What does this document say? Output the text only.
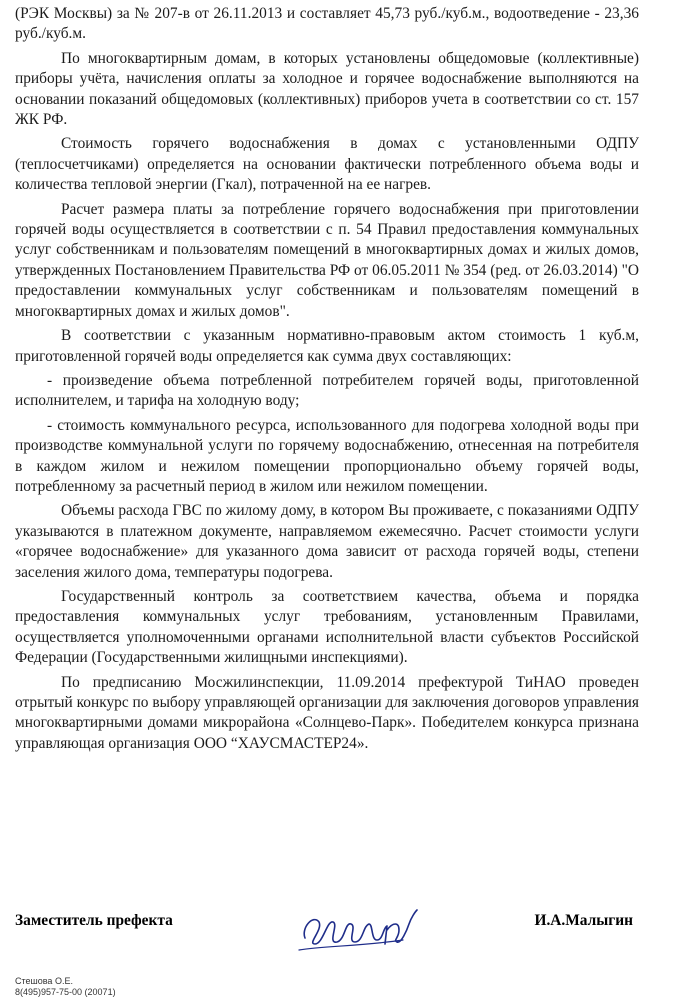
(РЭК Москвы) за № 207-в от 26.11.2013 и составляет 45,73 руб./куб.м., водоотведение - 23,36 руб./куб.м.

По многоквартирным домам, в которых установлены общедомовые (коллективные) приборы учёта, начисления оплаты за холодное и горячее водоснабжение выполняются на основании показаний общедомовых (коллективных) приборов учета в соответствии со ст. 157 ЖК РФ.

Стоимость горячего водоснабжения в домах с установленными ОДПУ (теплосчетчиками) определяется на основании фактически потребленного объема воды и количества тепловой энергии (Гкал), потраченной на ее нагрев.

Расчет размера платы за потребление горячего водоснабжения при приготовлении горячей воды осуществляется в соответствии с п. 54 Правил предоставления коммунальных услуг собственникам и пользователям помещений в многоквартирных домах и жилых домов, утвержденных Постановлением Правительства РФ от 06.05.2011 № 354 (ред. от 26.03.2014) "О предоставлении коммунальных услуг собственникам и пользователям помещений в многоквартирных домах и жилых домов".

В соответствии с указанным нормативно-правовым актом стоимость 1 куб.м, приготовленной горячей воды определяется как сумма двух составляющих:

- произведение объема потребленной потребителем горячей воды, приготовленной исполнителем, и тарифа на холодную воду;

- стоимость коммунального ресурса, использованного для подогрева холодной воды при производстве коммунальной услуги по горячему водоснабжению, отнесенная на потребителя в каждом жилом и нежилом помещении пропорционально объему горячей воды, потребленному за расчетный период в жилом или нежилом помещении.

Объемы расхода ГВС по жилому дому, в котором Вы проживаете, с показаниями ОДПУ указываются в платежном документе, направляемом ежемесячно. Расчет стоимости услуги «горячее водоснабжение» для указанного дома зависит от расхода горячей воды, степени заселения жилого дома, температуры подогрева.

Государственный контроль за соответствием качества, объема и порядка предоставления коммунальных услуг требованиям, установленным Правилами, осуществляется уполномоченными органами исполнительной власти субъектов Российской Федерации (Государственными жилищными инспекциями).

По предписанию Мосжилинспекции, 11.09.2014 префектурой ТиНАО проведен отрытый конкурс по выбору управляющей организации для заключения договоров управления многоквартирными домами микрорайона «Солнцево-Парк». Победителем конкурса признана управляющая организация ООО “ХАУСМАСТЕР24».

Заместитель префекта	И.А.Малыгин
Стешова О.Е.
8(495)957-75-00 (20071)
